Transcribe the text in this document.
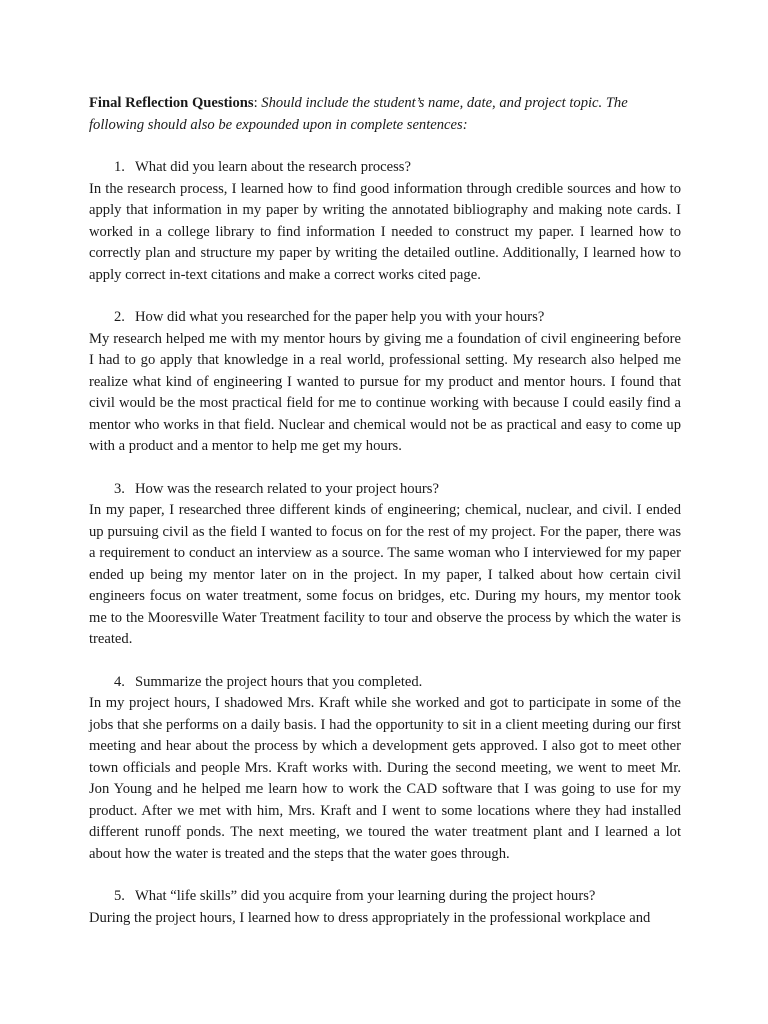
Final Reflection Questions: Should include the student’s name, date, and project topic. The following should also be expounded upon in complete sentences:

1. What did you learn about the research process?

In the research process, I learned how to find good information through credible sources and how to apply that information in my paper by writing the annotated bibliography and making note cards. I worked in a college library to find information I needed to construct my paper. I learned how to correctly plan and structure my paper by writing the detailed outline. Additionally, I learned how to apply correct in-text citations and make a correct works cited page.

2. How did what you researched for the paper help you with your hours?

My research helped me with my mentor hours by giving me a foundation of civil engineering before I had to go apply that knowledge in a real world, professional setting. My research also helped me realize what kind of engineering I wanted to pursue for my product and mentor hours. I found that civil would be the most practical field for me to continue working with because I could easily find a mentor who works in that field. Nuclear and chemical would not be as practical and easy to come up with a product and a mentor to help me get my hours.

3. How was the research related to your project hours?

In my paper, I researched three different kinds of engineering; chemical, nuclear, and civil. I ended up pursuing civil as the field I wanted to focus on for the rest of my project. For the paper, there was a requirement to conduct an interview as a source. The same woman who I interviewed for my paper ended up being my mentor later on in the project. In my paper, I talked about how certain civil engineers focus on water treatment, some focus on bridges, etc. During my hours, my mentor took me to the Mooresville Water Treatment facility to tour and observe the process by which the water is treated.

4. Summarize the project hours that you completed.

In my project hours, I shadowed Mrs. Kraft while she worked and got to participate in some of the jobs that she performs on a daily basis. I had the opportunity to sit in a client meeting during our first meeting and hear about the process by which a development gets approved. I also got to meet other town officials and people Mrs. Kraft works with. During the second meeting, we went to meet Mr. Jon Young and he helped me learn how to work the CAD software that I was going to use for my product. After we met with him, Mrs. Kraft and I went to some locations where they had installed different runoff ponds. The next meeting, we toured the water treatment plant and I learned a lot about how the water is treated and the steps that the water goes through.

5. What “life skills” did you acquire from your learning during the project hours?

During the project hours, I learned how to dress appropriately in the professional workplace and
